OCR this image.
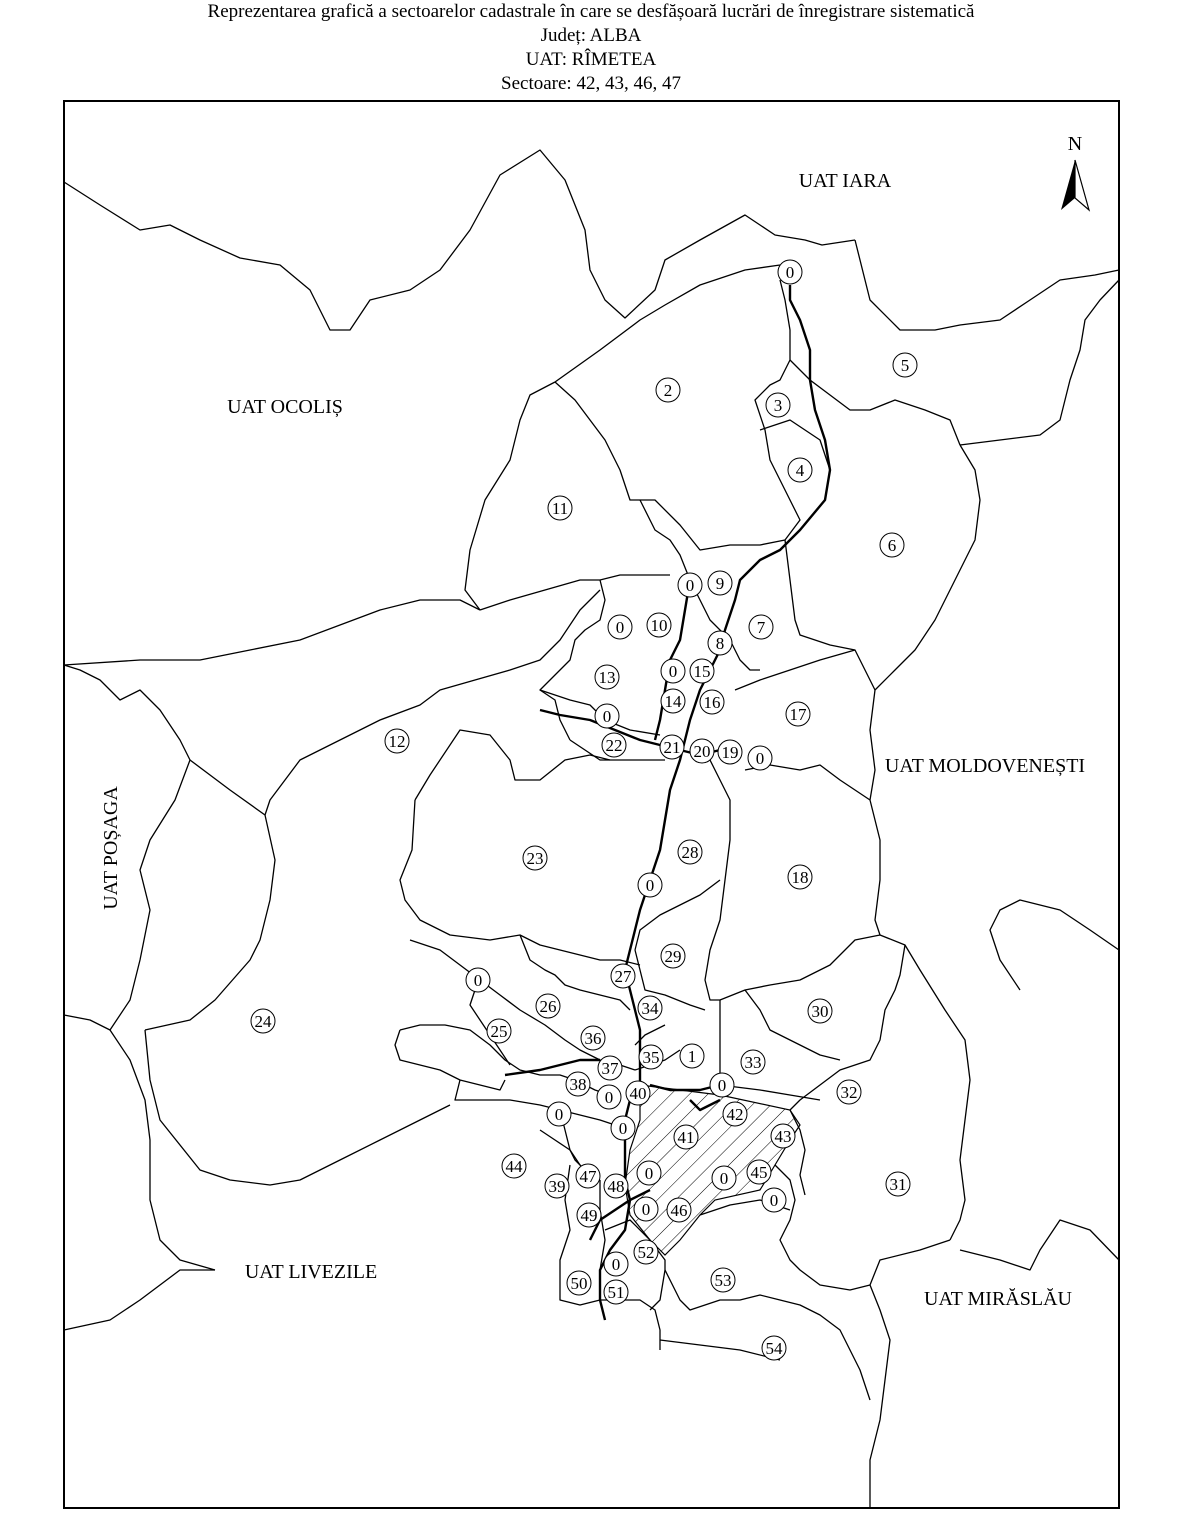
Reprezentarea grafică a sectoarelor cadastrale în care se desfășoară lucrări de înregistrare sistematică
Județ: ALBA
UAT: RÎMETEA
Sectoare: 42, 43, 46, 47
N
UAT IARA
UAT OCOLIȘ
UAT MOLDOVENEȘTI
UAT POȘAGA
UAT LIVEZILE
UAT MIRĂSLĂU
0
5
2
3
4
11
6
0 9
0 10	7
8
13	0 15
14 16
17
0
12	22 21 20 19 0
23	28
18
0
24
29
0	27
26	34	30
25	36
35 1	33
0
37
38	40
0
0
32
0	41
42
43
44
39
0
47	0 45
0
48
0
31
46
49
52
0
53
50 51
54
